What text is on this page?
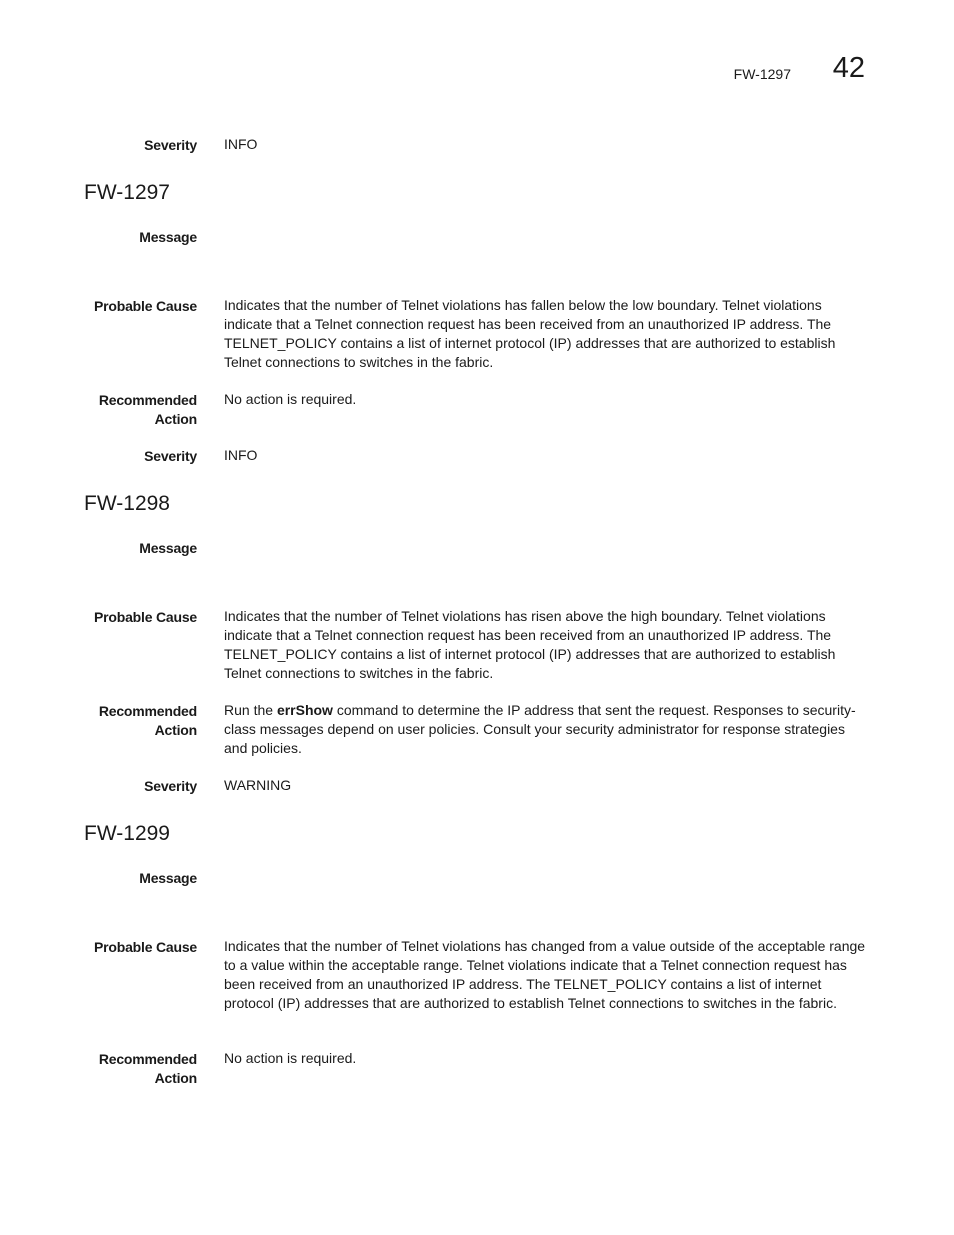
FW-1297 42
Severity INFO
FW-1297
Message
Probable Cause Indicates that the number of Telnet violations has fallen below the low boundary. Telnet violations indicate that a Telnet connection request has been received from an unauthorized IP address. The TELNET_POLICY contains a list of internet protocol (IP) addresses that are authorized to establish Telnet connections to switches in the fabric.
Recommended
Action
No action is required.
Severity INFO
FW-1298
Message
Probable Cause Indicates that the number of Telnet violations has risen above the high boundary. Telnet violations indicate that a Telnet connection request has been received from an unauthorized IP address. The TELNET_POLICY contains a list of internet protocol (IP) addresses that are authorized to establish Telnet connections to switches in the fabric.
Recommended
Action
Run the errShow command to determine the IP address that sent the request. Responses to security-class messages depend on user policies. Consult your security administrator for response strategies and policies.
Severity WARNING
FW-1299
Message
Probable Cause Indicates that the number of Telnet violations has changed from a value outside of the acceptable range to a value within the acceptable range. Telnet violations indicate that a Telnet connection request has been received from an unauthorized IP address. The TELNET_POLICY contains a list of internet protocol (IP) addresses that are authorized to establish Telnet connections to switches in the fabric.
Recommended
Action
No action is required.
